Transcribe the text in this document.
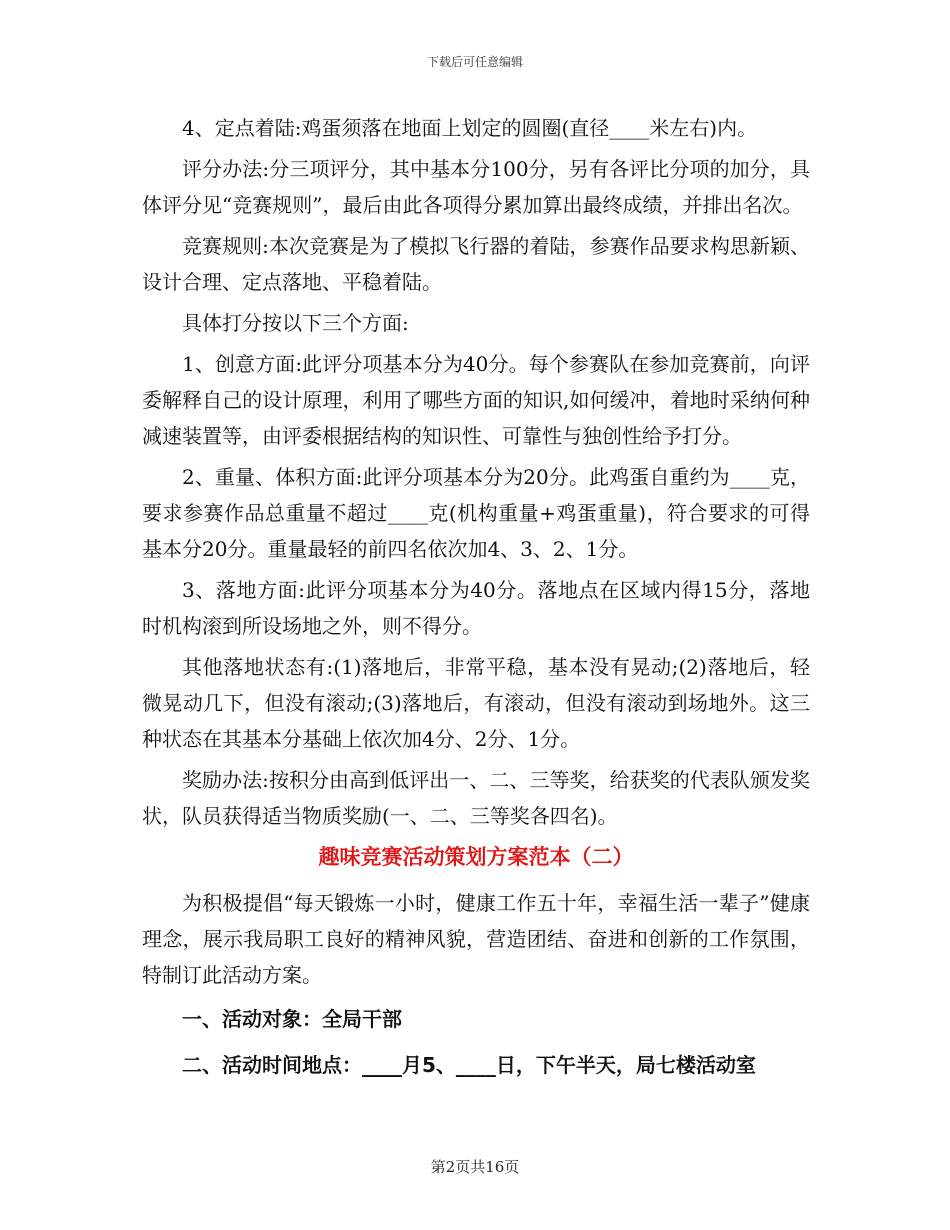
下载后可任意编辑

4、定点着陆:鸡蛋须落在地面上划定的圆圈(直径____米左右)内。

评分办法:分三项评分，其中基本分100分，另有各评比分项的加分，具体评分见“竞赛规则”，最后由此各项得分累加算出最终成绩，并排出名次。

竞赛规则:本次竞赛是为了模拟飞行器的着陆，参赛作品要求构思新颖、设计合理、定点落地、平稳着陆。

具体打分按以下三个方面:

1、创意方面:此评分项基本分为40分。每个参赛队在参加竞赛前，向评委解释自己的设计原理，利用了哪些方面的知识,如何缓冲，着地时采纳何种减速装置等，由评委根据结构的知识性、可靠性与独创性给予打分。

2、重量、体积方面:此评分项基本分为20分。此鸡蛋自重约为____克，要求参赛作品总重量不超过____克(机构重量+鸡蛋重量)，符合要求的可得基本分20分。重量最轻的前四名依次加4、3、2、1分。

3、落地方面:此评分项基本分为40分。落地点在区域内得15分，落地时机构滚到所设场地之外，则不得分。

其他落地状态有:(1)落地后，非常平稳，基本没有晃动;(2)落地后，轻微晃动几下，但没有滚动;(3)落地后，有滚动，但没有滚动到场地外。这三种状态在其基本分基础上依次加4分、2分、1分。

奖励办法:按积分由高到低评出一、二、三等奖，给获奖的代表队颁发奖状，队员获得适当物质奖励(一、二、三等奖各四名)。

趣味竞赛活动策划方案范本（二）

为积极提倡“每天锻炼一小时，健康工作五十年，幸福生活一辈子”健康理念，展示我局职工良好的精神风貌，营造团结、奋进和创新的工作氛围，特制订此活动方案。

一、活动对象：全局干部

二、活动时间地点：____月5、____日，下午半天，局七楼活动室

第2页共16页
